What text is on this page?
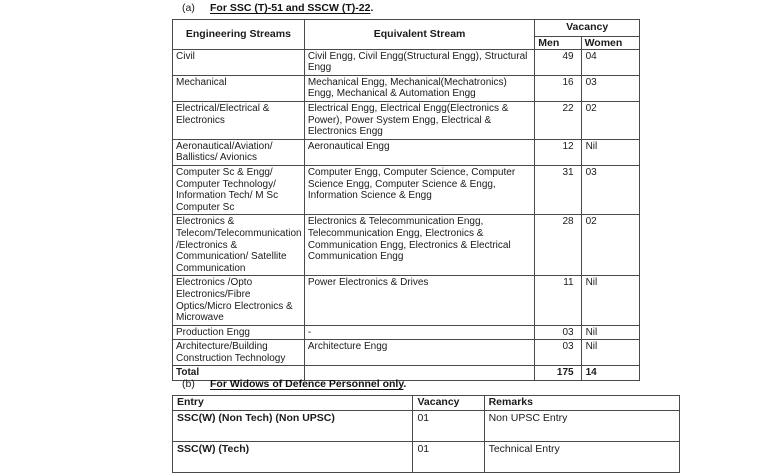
(a) For SSC (T)-51 and SSCW (T)-22.
Engineering Streams	Equivalent Stream	Vacancy	
		Men	Women
Civil	Civil Engg, Civil Engg(Structural Engg), Structural Engg	49	04
Mechanical	Mechanical Engg, Mechanical(Mechatronics) Engg, Mechanical & Automation Engg	16	03
Electrical/Electrical & Electronics	Electrical Engg, Electrical Engg(Electronics & Power), Power System Engg, Electrical & Electronics Engg	22	02
Aeronautical/Aviation/ Ballistics/ Avionics	Aeronautical Engg	12	Nil
Computer Sc & Engg/ Computer Technology/ Information Tech/ M Sc Computer Sc	Computer Engg, Computer Science, Computer Science Engg, Computer Science & Engg, Information Science & Engg	31	03
Electronics & Telecom/Telecommunication /Electronics & Communication/ Satellite Communication	Electronics & Telecommunication Engg, Telecommunication Engg, Electronics & Communication Engg, Electronics & Electrical Communication Engg	28	02
Electronics /Opto Electronics/Fibre Optics/Micro Electronics & Microwave	Power Electronics & Drives	11	Nil
Production Engg	-	03	Nil
Architecture/Building Construction Technology	Architecture Engg	03	Nil
Total		175	14
(b) For Widows of Defence Personnel only.
Entry	Vacancy	Remarks
SSC(W) (Non Tech) (Non UPSC)	01	Non UPSC Entry
SSC(W) (Tech)	01	Technical Entry
